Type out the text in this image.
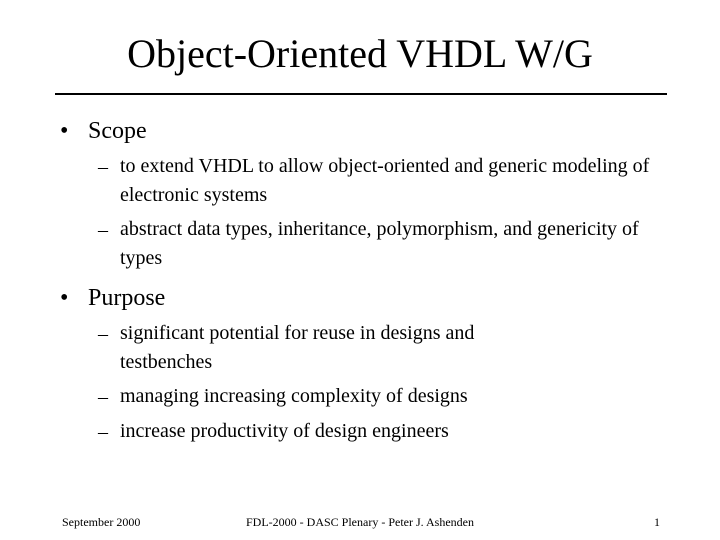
Object-Oriented VHDL W/G
• Scope
– to extend VHDL to allow object-oriented and generic modeling of electronic systems
– abstract data types, inheritance, polymorphism, and genericity of types
• Purpose
– significant potential for reuse in designs and testbenches
– managing increasing complexity of designs
– increase productivity of design engineers
September 2000	FDL-2000 - DASC Plenary - Peter J. Ashenden	1
